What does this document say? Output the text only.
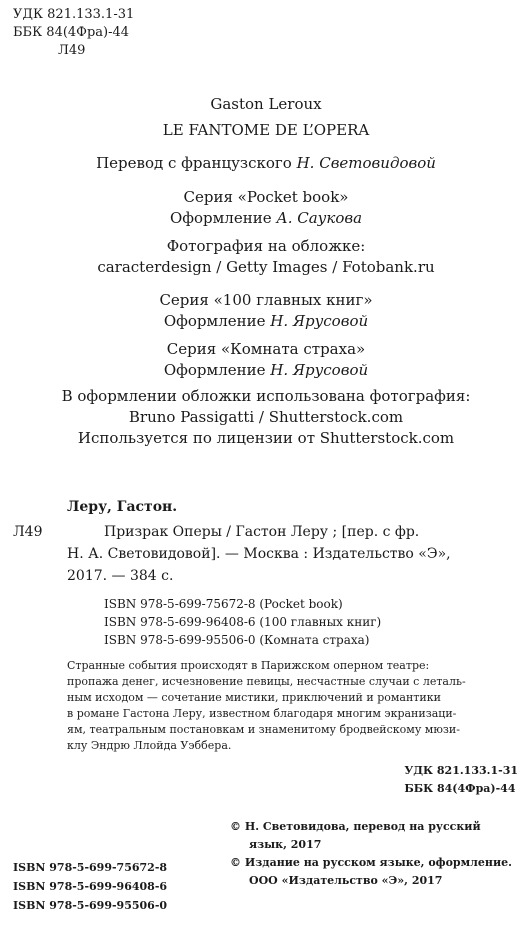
УДК 821.133.1-31
ББК 84(4Фра)-44
Л49
Gaston Leroux
LE FANTOME DE L’OPERA
Перевод с французского Н. Световидовой
Серия «Pocket book»
Оформление А. Саукова
Фотография на обложке:
caracterdesign / Getty Images / Fotobank.ru
Серия «100 главных книг»
Оформление Н. Ярусовой
Серия «Комната страха»
Оформление Н. Ярусовой
В оформлении обложки использована фотография:
Bruno Passigatti / Shutterstock.com
Используется по лицензии от Shutterstock.com
Леру, Гастон.
Л49	Призрак Оперы / Гастон Леру ; [пер. с фр.
Н. А. Световидовой]. — Москва : Издательство «Э»,
2017. — 384 с.
ISBN 978-5-699-75672-8 (Pocket book)
ISBN 978-5-699-96408-6 (100 главных книг)
ISBN 978-5-699-95506-0 (Комната страха)
Странные события происходят в Парижском оперном театре:
пропажа денег, исчезновение певицы, несчастные случаи с леталь-
ным исходом — сочетание мистики, приключений и романтики
в романе Гастона Леру, известном благодаря многим экранизаци-
ям, театральным постановкам и знаменитому бродвейскому мюзи-
клу Эндрю Ллойда Уэббера.
УДК 821.133.1-31
ББК 84(4Фра)-44
ISBN 978-5-699-75672-8
ISBN 978-5-699-96408-6
ISBN 978-5-699-95506-0
© Н. Световидова, перевод на русский
язык, 2017
© Издание на русском языке, оформление.
ООО «Издательство «Э», 2017
